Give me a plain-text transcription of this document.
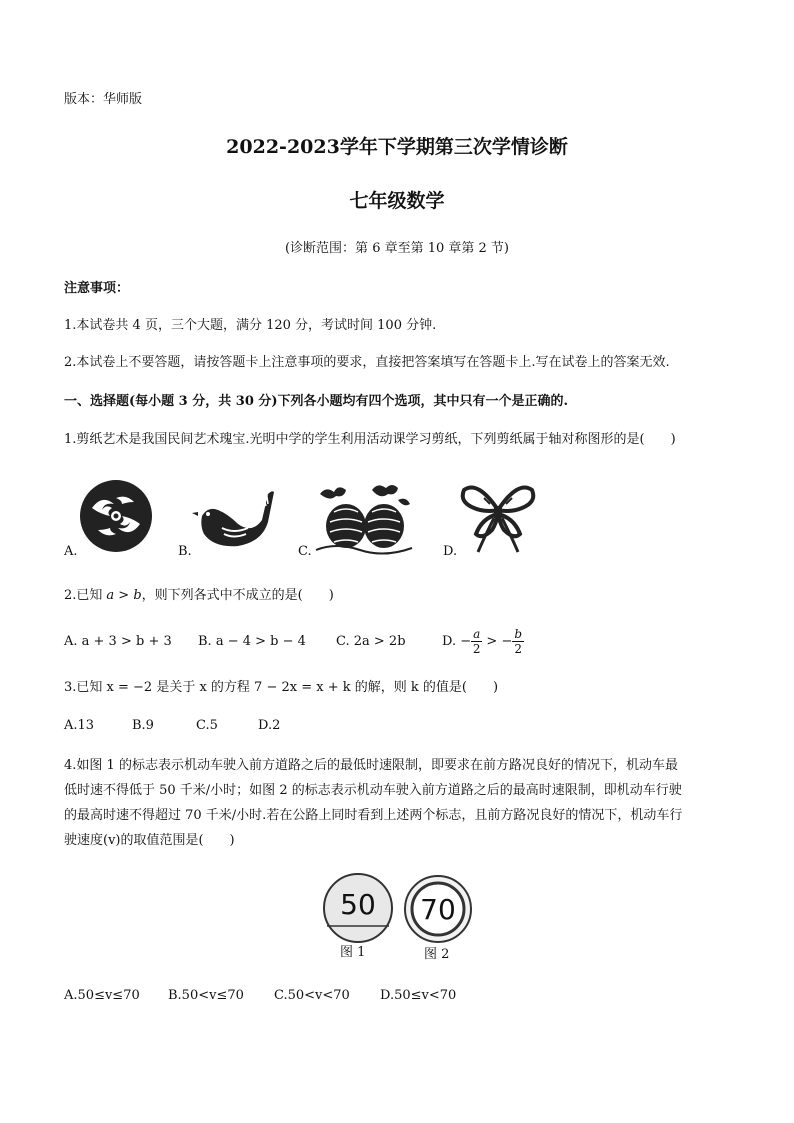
版本：华师版
2022-2023学年下学期第三次学情诊断
七年级数学
(诊断范围：第 6 章至第 10 章第 2 节)
注意事项：
1.本试卷共 4 页，三个大题，满分 120 分，考试时间 100 分钟.
2.本试卷上不要答题，请按答题卡上注意事项的要求，直接把答案填写在答题卡上.写在试卷上的答案无效.
一、选择题(每小题 3 分，共 30 分)下列各小题均有四个选项，其中只有一个是正确的.
1.剪纸艺术是我国民间艺术瑰宝.光明中学的学生利用活动课学习剪纸，下列剪纸属于轴对称图形的是(　　)
A.	B.	C.	D.
2.已知 a > b，则下列各式中不成立的是(　　)
A. a + 3 > b + 3 B. a − 4 > b − 4 C. 2a > 2b	D. − $\frac{a}{2}$ > − $\frac{b}{2}$
3.已知 x = −2 是关于 x 的方程 7 − 2x = x + k 的解，则 k 的值是(　　)
A.13	B.9	C.5	D.2
4.如图 1 的标志表示机动车驶入前方道路之后的最低时速限制，即要求在前方路况良好的情况下，机动车最
低时速不得低于 50 千米/小时；如图 2 的标志表示机动车驶入前方道路之后的最高时速限制，即机动车行驶
的最高时速不得超过 70 千米/小时.若在公路上同时看到上述两个标志，且前方路况良好的情况下，机动车行
驶速度(v)的取值范围是(　　)
50	70
图 1	图 2
A.50≤v≤70 B.50<v≤70 C.50<v<70 D.50≤v<70
